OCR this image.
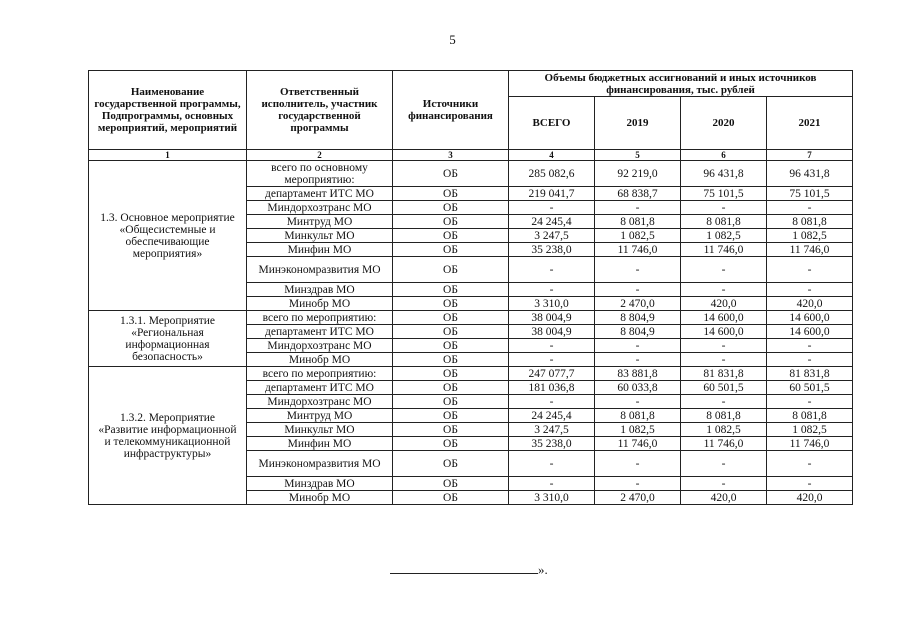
5
Наименование государственной программы, Подпрограммы, основных мероприятий, мероприятий	Ответственный исполнитель, участник государственной программы	Источники финансирования	Объемы бюджетных ассигнований и иных источников финансирования, тыс. рублей			
			ВСЕГО	2019	2020	2021
1	2	3	4	5	6	7
1.3. Основное мероприятие «Общесистемные и обеспечивающие мероприятия»	всего по основному мероприятию:	ОБ	285 082,6	92 219,0	96 431,8	96 431,8
	департамент ИТС МО	ОБ	219 041,7	68 838,7	75 101,5	75 101,5
	Миндорхозтранс МО	ОБ	-	-	-	-
	Минтруд МО	ОБ	24 245,4	8 081,8	8 081,8	8 081,8
	Минкульт МО	ОБ	3 247,5	1 082,5	1 082,5	1 082,5
	Минфин МО	ОБ	35 238,0	11 746,0	11 746,0	11 746,0
	Минэкономразвития МО	ОБ	-	-	-	-
	Минздрав МО	ОБ	-	-	-	-
	Минобр МО	ОБ	3 310,0	2 470,0	420,0	420,0
1.3.1. Мероприятие «Региональная информационная безопасность»	всего по мероприятию:	ОБ	38 004,9	8 804,9	14 600,0	14 600,0
	департамент ИТС МО	ОБ	38 004,9	8 804,9	14 600,0	14 600,0
	Миндорхозтранс МО	ОБ	-	-	-	-
	Минобр МО	ОБ	-	-	-	-
1.3.2. Мероприятие «Развитие информационной и телекоммуникационной инфраструктуры»	всего по мероприятию:	ОБ	247 077,7	83 881,8	81 831,8	81 831,8
	департамент ИТС МО	ОБ	181 036,8	60 033,8	60 501,5	60 501,5
	Миндорхозтранс МО	ОБ	-	-	-	-
	Минтруд МО	ОБ	24 245,4	8 081,8	8 081,8	8 081,8
	Минкульт МО	ОБ	3 247,5	1 082,5	1 082,5	1 082,5
	Минфин МО	ОБ	35 238,0	11 746,0	11 746,0	11 746,0
	Минэкономразвития МО	ОБ	-	-	-	-
	Минздрав МО	ОБ	-	-	-	-
	Минобр МО	ОБ	3 310,0	2 470,0	420,0	420,0
».
